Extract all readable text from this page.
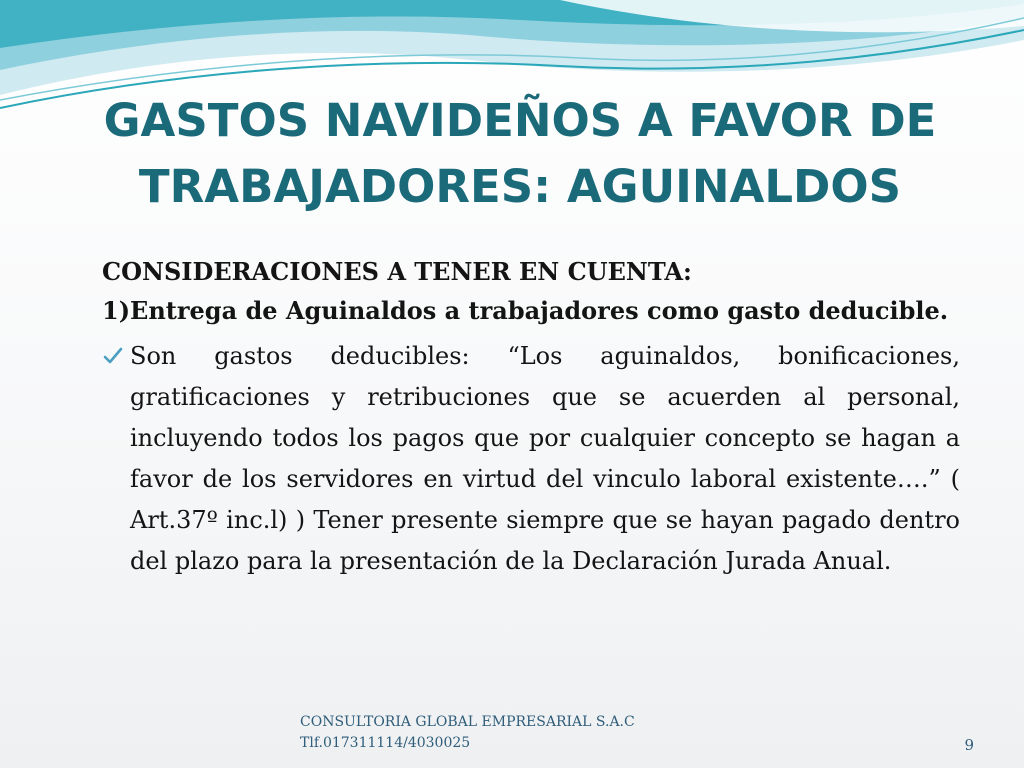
GASTOS NAVIDEÑOS A FAVOR DE
TRABAJADORES: AGUINALDOS

CONSIDERACIONES A TENER EN CUENTA:

1)Entrega de Aguinaldos a trabajadores como gasto deducible.

Son gastos deducibles: “Los aguinaldos, bonificaciones, gratificaciones y retribuciones que se acuerden al personal, incluyendo todos los pagos que por cualquier concepto se hagan a favor de los servidores en virtud del vinculo laboral existente….” ( Art.37º inc.l) ) Tener presente siempre que se hayan pagado dentro del plazo para la presentación de la Declaración Jurada Anual.
CONSULTORIA GLOBAL EMPRESARIAL S.A.C
Tlf.017311114/4030025	9
